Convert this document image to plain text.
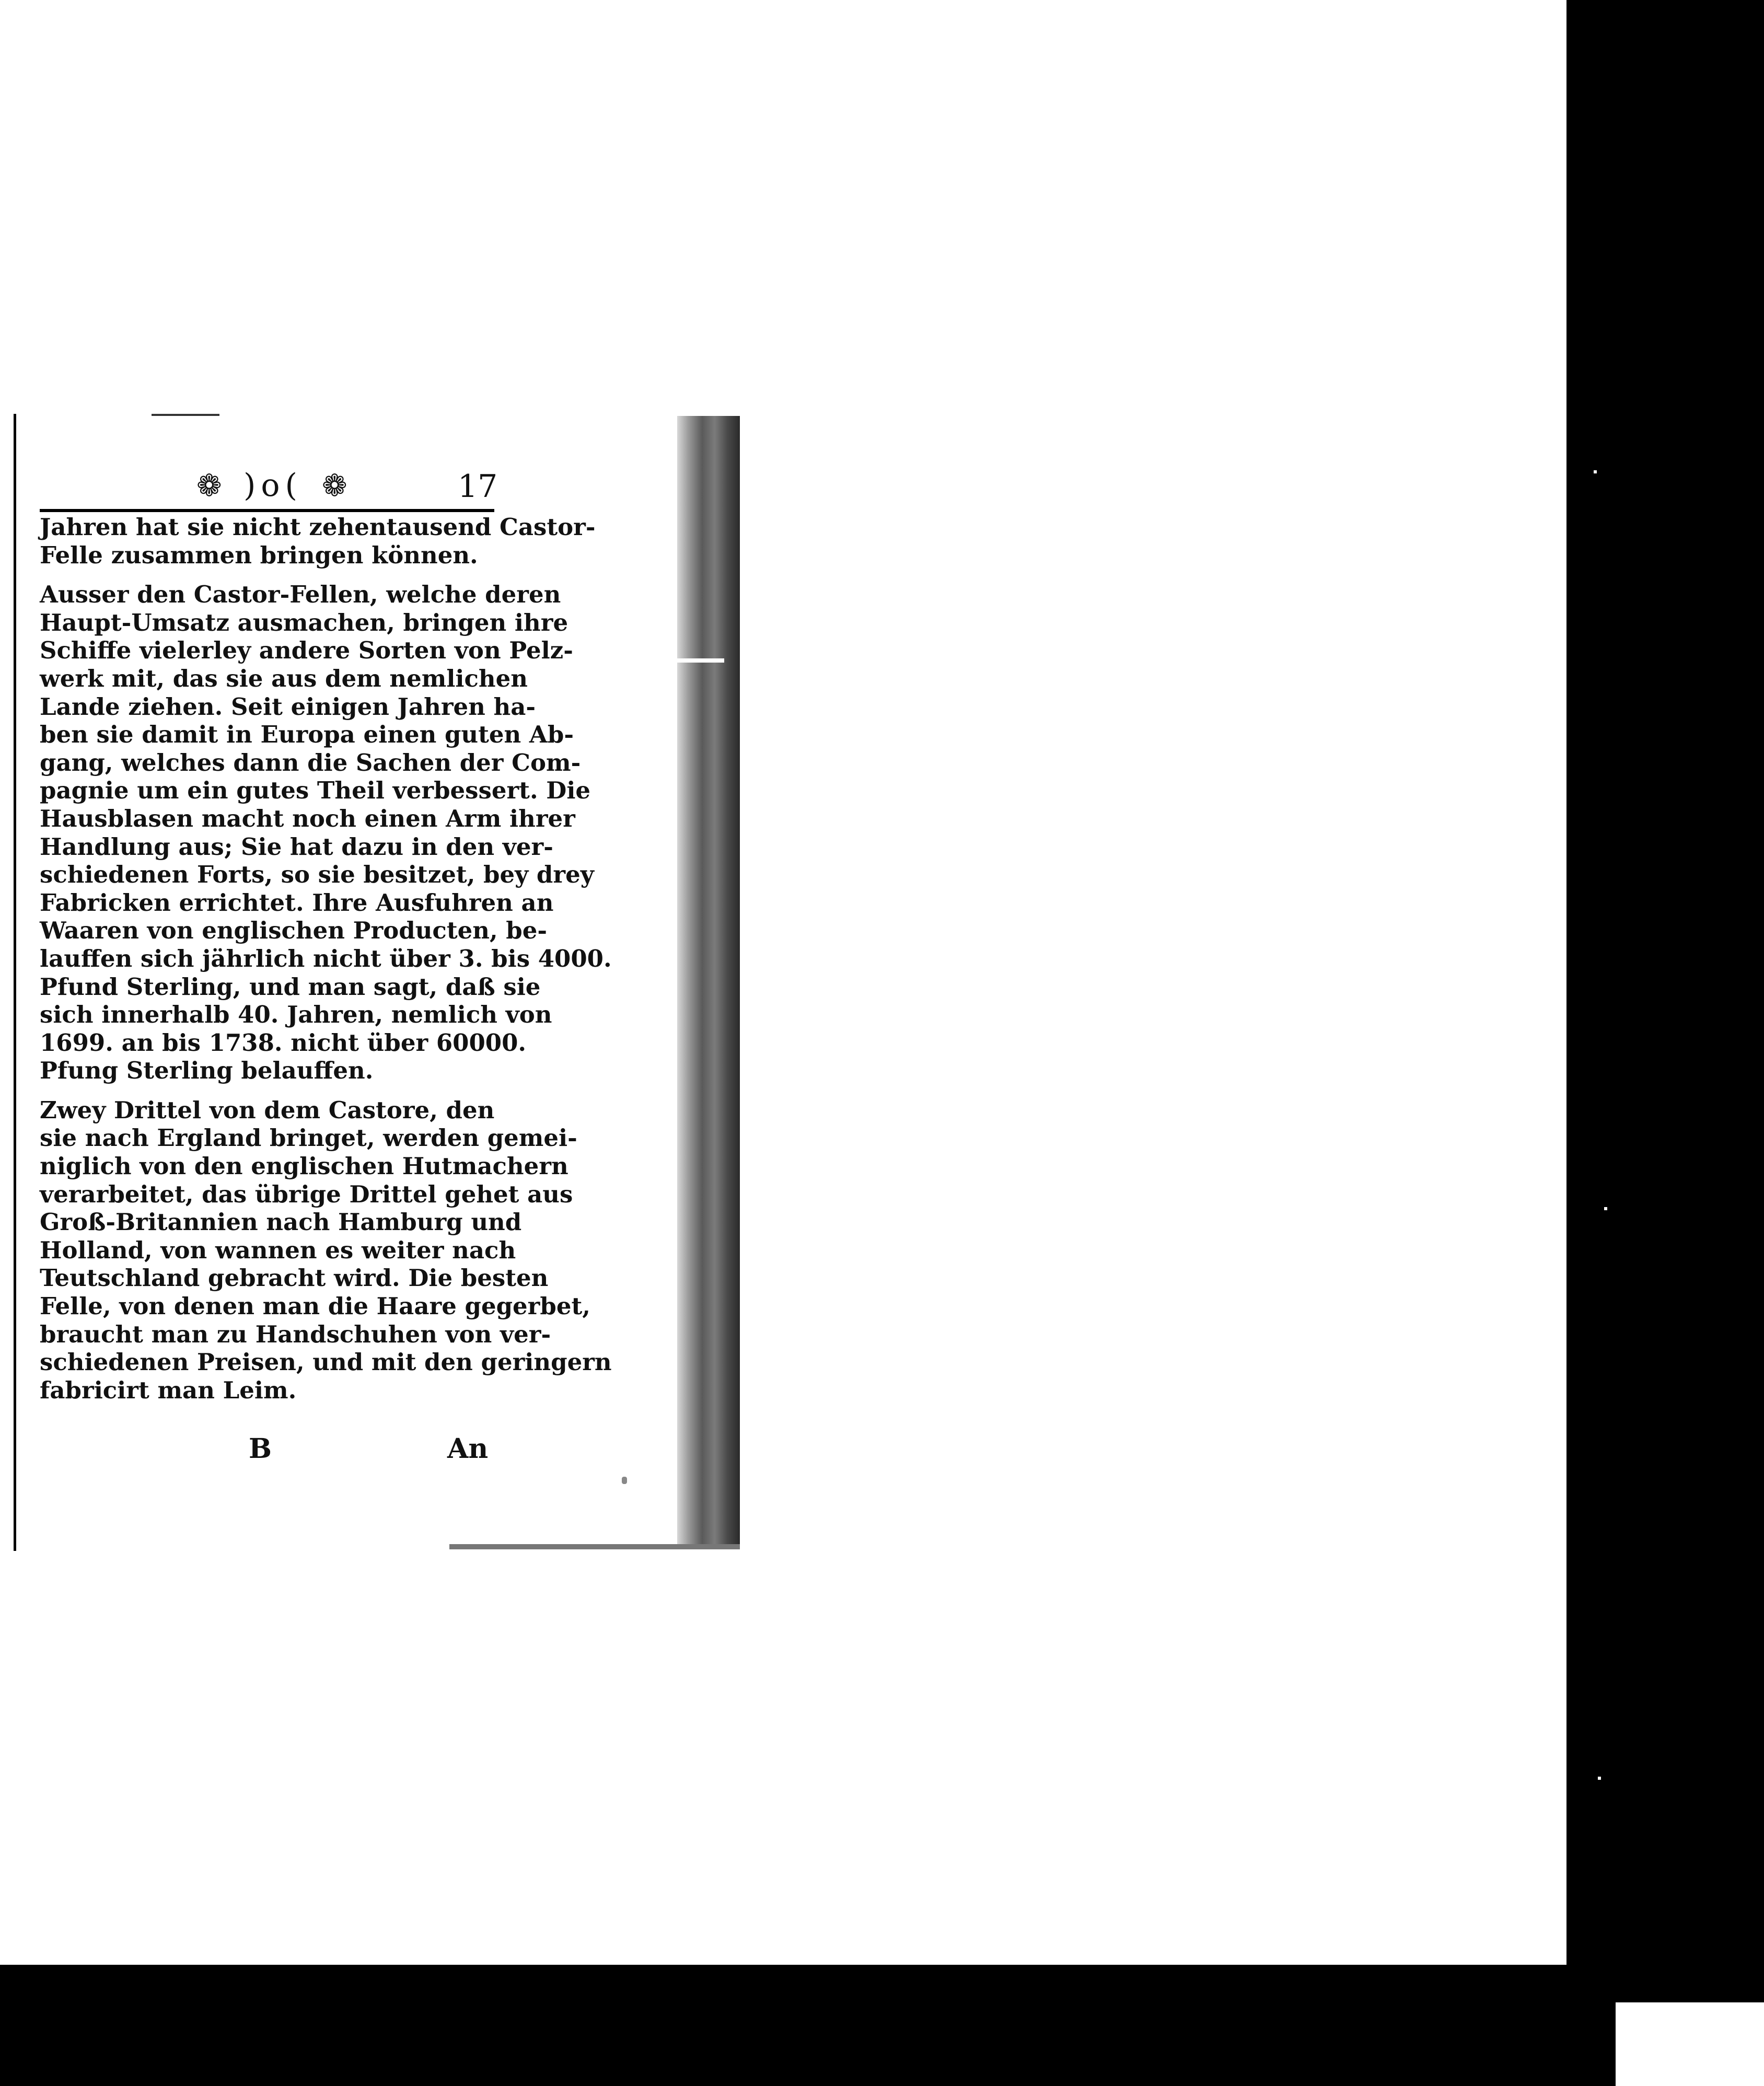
❁ )o( ❁	17
Jahren hat sie nicht zehentausend Castor-
Felle zusammen bringen können.
Ausser den Castor-Fellen, welche deren
Haupt-Umsatz ausmachen, bringen ihre
Schiffe vielerley andere Sorten von Pelz-
werk mit, das sie aus dem nemlichen
Lande ziehen. Seit einigen Jahren ha-
ben sie damit in Europa einen guten Ab-
gang, welches dann die Sachen der Com-
pagnie um ein gutes Theil verbessert. Die
Hausblasen macht noch einen Arm ihrer
Handlung aus; Sie hat dazu in den ver-
schiedenen Forts, so sie besitzet, bey drey
Fabricken errichtet. Ihre Ausfuhren an
Waaren von englischen Producten, be-
lauffen sich jährlich nicht über 3. bis 4000.
Pfund Sterling, und man sagt, daß sie
sich innerhalb 40. Jahren, nemlich von
1699. an bis 1738. nicht über 60000.
Pfung Sterling belauffen.
Zwey Drittel von dem Castore, den
sie nach Ergland bringet, werden gemei-
niglich von den englischen Hutmachern
verarbeitet, das übrige Drittel gehet aus
Groß-Britannien nach Hamburg und
Holland, von wannen es weiter nach
Teutschland gebracht wird. Die besten
Felle, von denen man die Haare gegerbet,
braucht man zu Handschuhen von ver-
schiedenen Preisen, und mit den geringern
fabricirt man Leim.
B	An
